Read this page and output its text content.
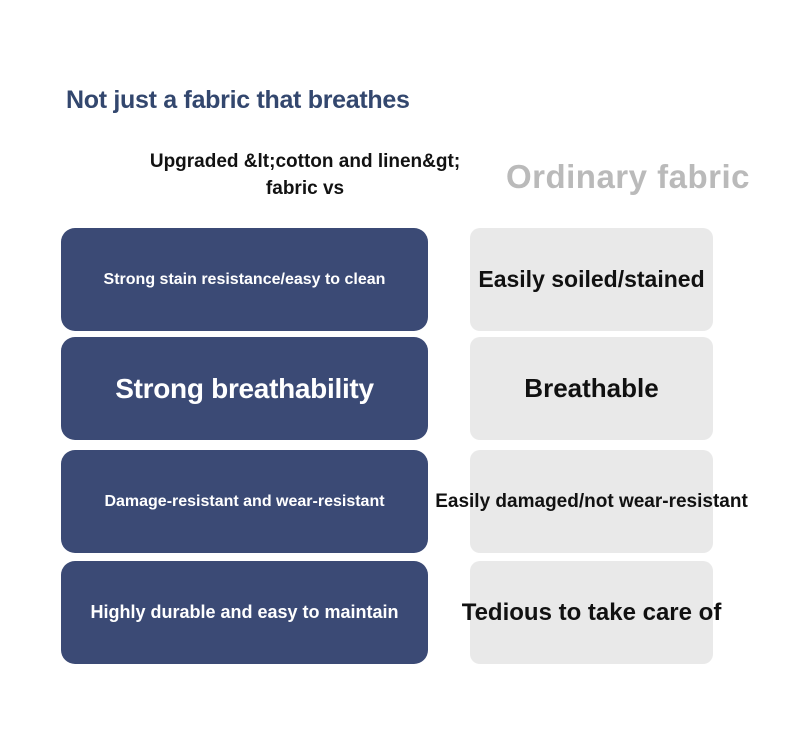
Not just a fabric that breathes
Upgraded &lt;cotton and linen&gt;
fabric vs	Ordinary fabric
Strong stain resistance/easy to clean	Easily soiled/stained
Strong breathability	Breathable
Damage-resistant and wear-resistant	Easily damaged/not wear-resistant
Highly durable and easy to maintain	Tedious to take care of
